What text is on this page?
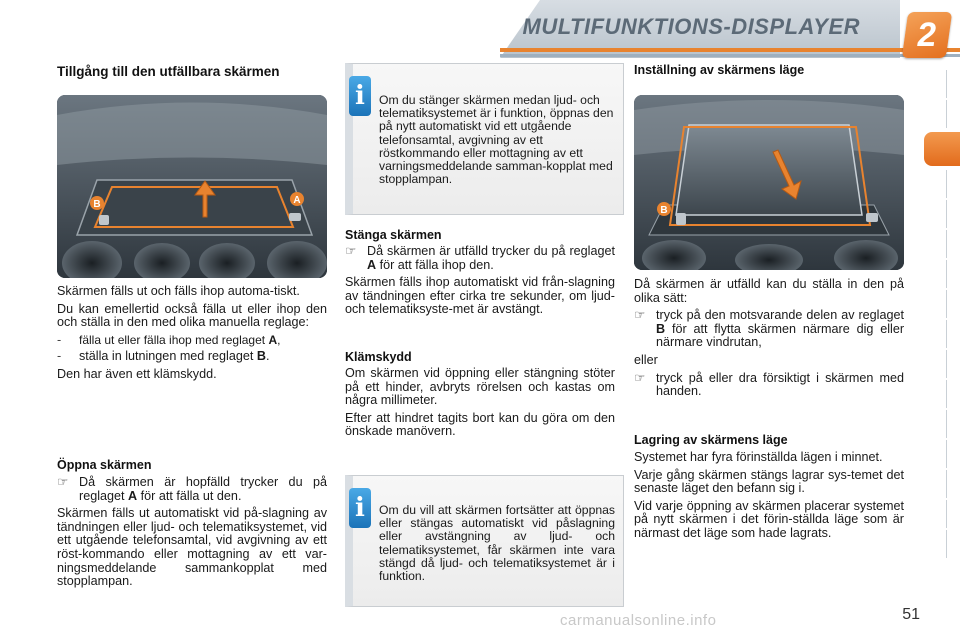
MULTIFUNKTIONS-DISPLAYER	2
Tillgång till den utfällbara skärmen
B	A

Skärmen fälls ut och fälls ihop automa-tiskt.

Du kan emellertid också fälla ut eller ihop den och ställa in den med olika manuella reglage:

-	fälla ut eller fälla ihop med reglaget A,
-	ställa in lutningen med reglaget B.

Den har även ett klämskydd.

Öppna skärmen
☞ Då skärmen är hopfälld trycker du på reglaget A för att fälla ut den.

Skärmen fälls ut automatiskt vid på-slagning av tändningen eller ljud- och telematiksystemet, vid ett utgående telefonsamtal, vid avgivning av ett röst-kommando eller mottagning av ett var-ningsmeddelande sammankopplat med stopplampan.

i	Om du stänger skärmen medan ljud- och telematiksystemet är i funktion, öppnas den på nytt automatiskt vid ett utgående telefonsamtal, avgivning av ett röstkommando eller mottagning av ett varningsmeddelande samman-kopplat med stopplampan.
Stänga skärmen
☞ Då skärmen är utfälld trycker du på reglaget A för att fälla ihop den.

Skärmen fälls ihop automatiskt vid från-slagning av tändningen efter cirka tre sekunder, om ljud- och telematiksyste-met är avstängt.

Klämskydd

Om skärmen vid öppning eller stängning stöter på ett hinder, avbryts rörelsen och kastas om några millimeter.

Efter att hindret tagits bort kan du göra om den önskade manövern.

i	Om du vill att skärmen fortsätter att öppnas eller stängas automatiskt vid påslagning eller avstängning av ljud- och telematiksystemet, får skärmen inte vara stängd då ljud- och telematiksystemet är i funktion.
Inställning av skärmens läge
B

Då skärmen är utfälld kan du ställa in den på olika sätt:

☞ tryck på den motsvarande delen av reglaget B för att flytta skärmen närmare dig eller närmare vindrutan,

eller

☞ tryck på eller dra försiktigt i skärmen med handen.
Lagring av skärmens läge

Systemet har fyra förinställda lägen i minnet.

Varje gång skärmen stängs lagrar sys-temet det senaste läget den befann sig i.

Vid varje öppning av skärmen placerar systemet på nytt skärmen i det förin-ställda läge som är närmast det läge som hade lagrats.

carmanualsonline.info	51
